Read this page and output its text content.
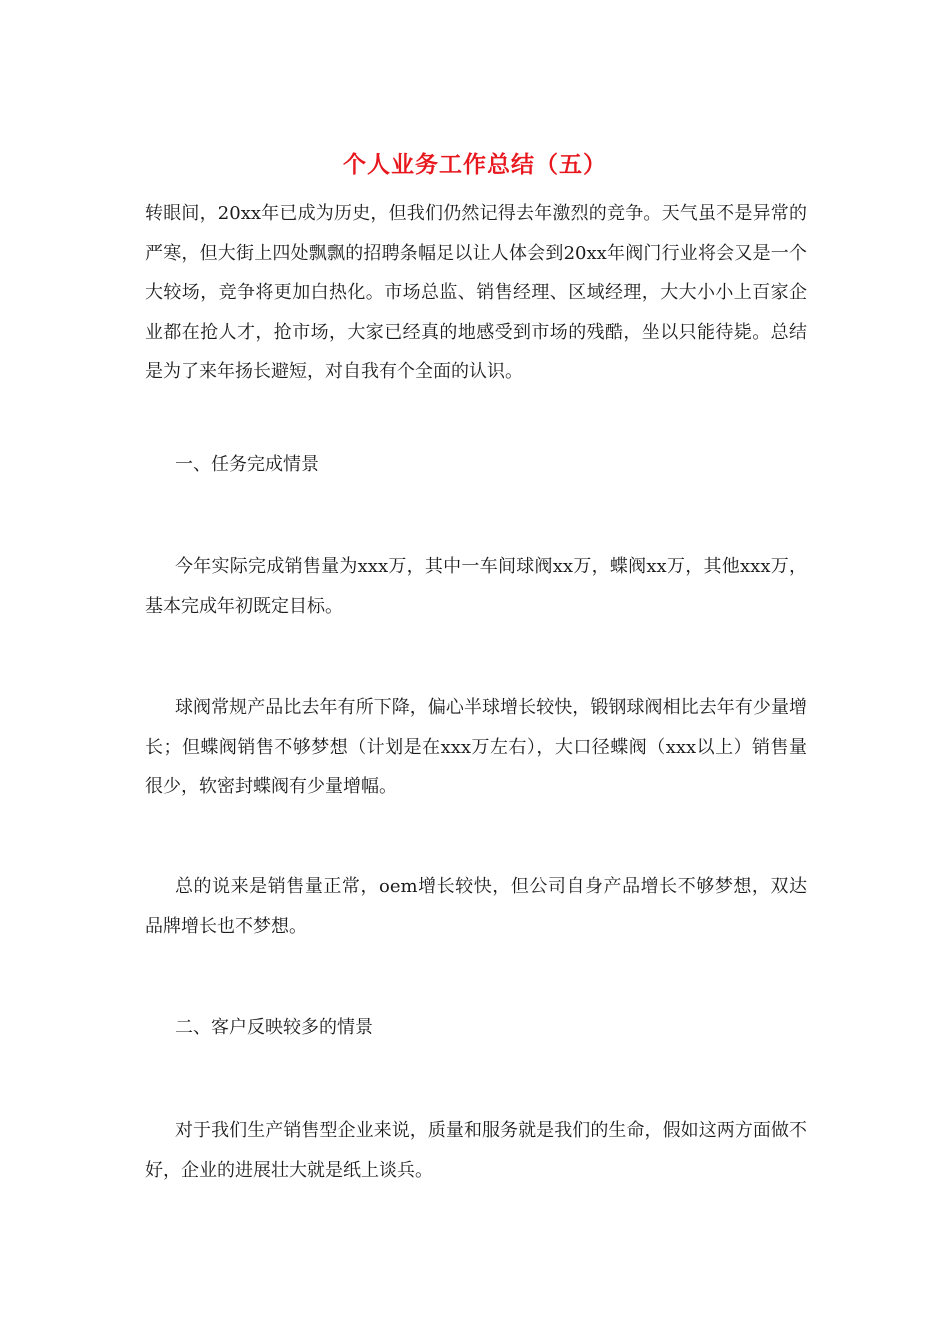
个人业务工作总结（五）

转眼间，20xx年已成为历史，但我们仍然记得去年激烈的竞争。天气虽不是异常的严寒，但大街上四处飘飘的招聘条幅足以让人体会到20xx年阀门行业将会又是一个大较场，竞争将更加白热化。市场总监、销售经理、区域经理，大大小小上百家企业都在抢人才，抢市场，大家已经真的地感受到市场的残酷，坐以只能待毙。总结是为了来年扬长避短，对自我有个全面的认识。

一、任务完成情景

今年实际完成销售量为xxx万，其中一车间球阀xx万，蝶阀xx万，其他xxx万，基本完成年初既定目标。

球阀常规产品比去年有所下降，偏心半球增长较快，锻钢球阀相比去年有少量增长；但蝶阀销售不够梦想（计划是在xxx万左右），大口径蝶阀（xxx以上）销售量很少，软密封蝶阀有少量增幅。

总的说来是销售量正常，oem增长较快，但公司自身产品增长不够梦想，双达 品牌增长也不梦想。

二、客户反映较多的情景

对于我们生产销售型企业来说，质量和服务就是我们的生命，假如这两方面做不好，企业的进展壮大就是纸上谈兵。
